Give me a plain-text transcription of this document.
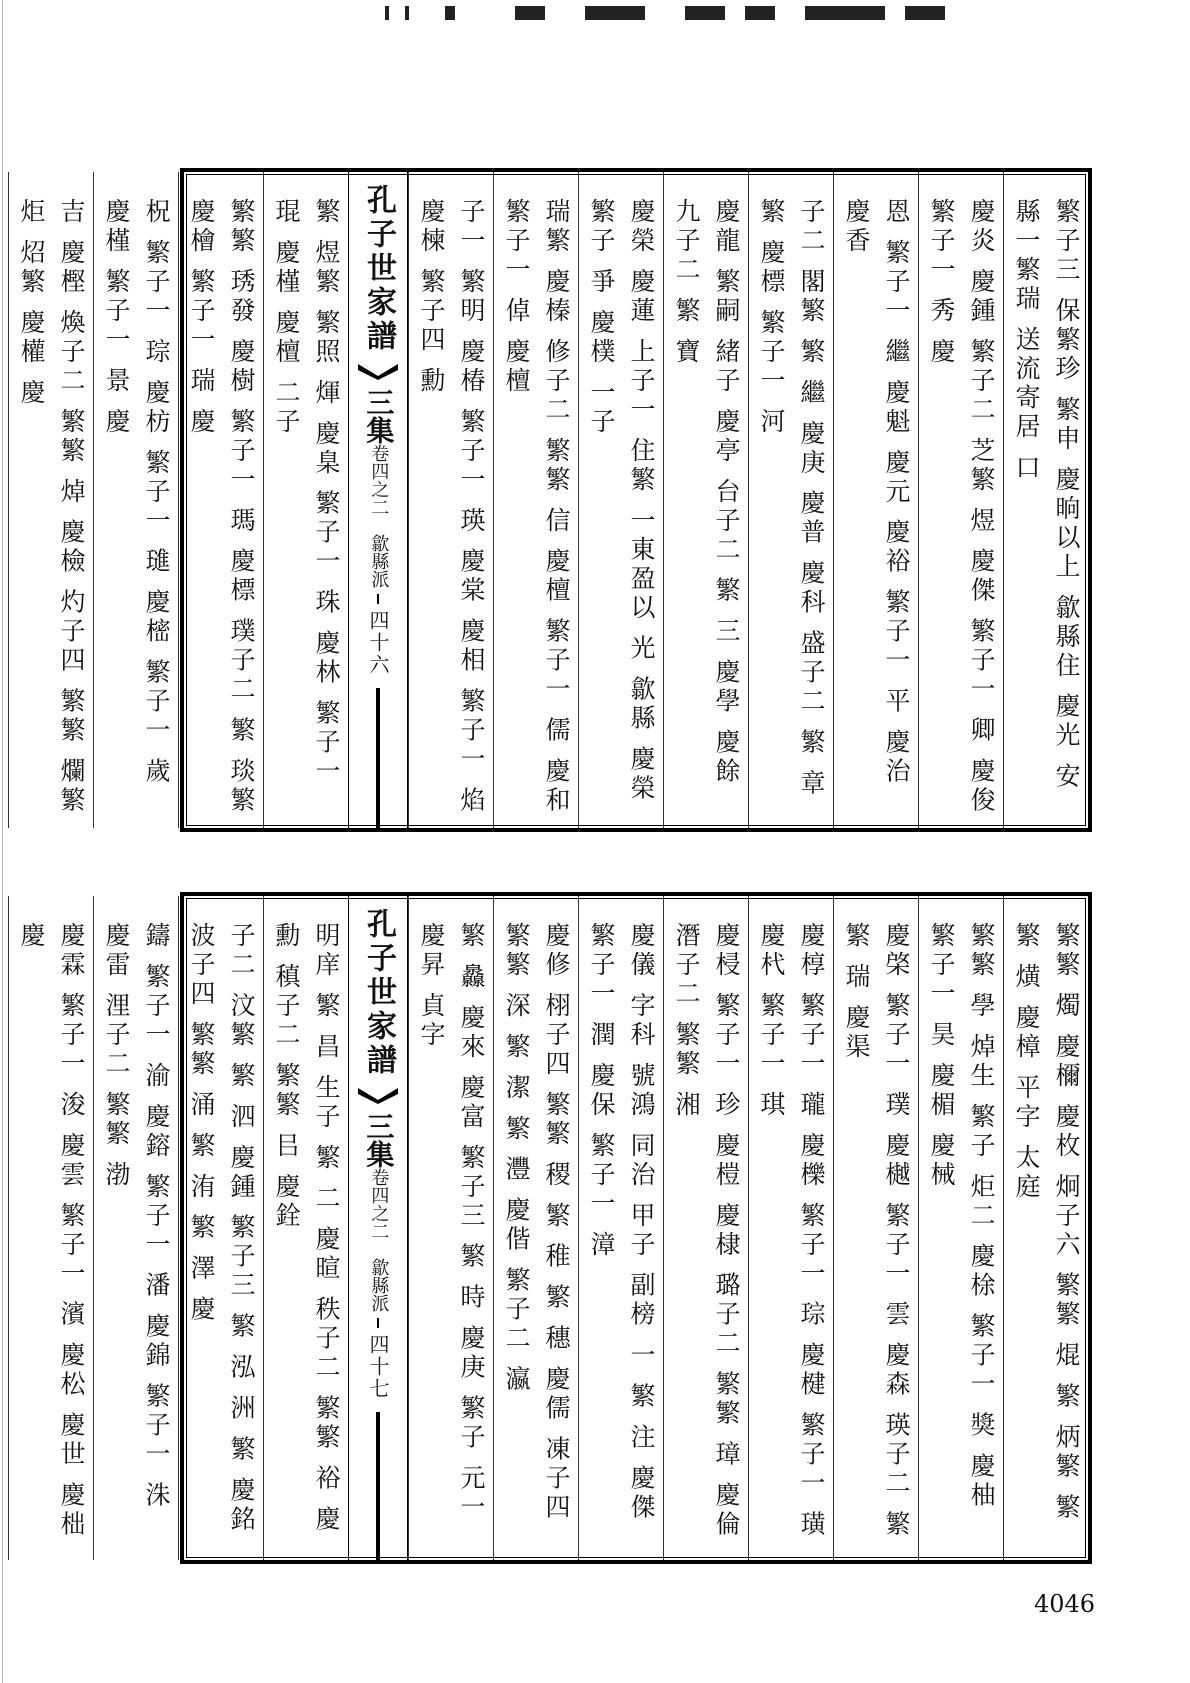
繁子三 保繁珍 繁申 慶晌以上 歙縣住 慶光 安縣一繁瑞 送流寄居 口
慶炎 慶鍾 繁子二 芝繁 煜 慶傑 繁子一 卿 慶俊 繁子一 秀 慶
恩 繁子一 繼 慶魁 慶元 慶裕 繁子一 平 慶治 慶香
子二 閣繁 繁 繼 慶庚 慶普 慶科 盛子二 繁 章 繁 慶標 繁子一 河
慶龍 繁嗣 緒子 慶亭 台子二 繁 三 慶學 慶餘 九子二 繁 寶
慶榮 慶蓮 上子一 住繁 一東盈以 光 歙縣 慶榮 繁子 爭 慶樸 一子
瑞繁 慶榛 修子二 繁繁 信 慶檀 繁子一 儒 慶和 繁子一 倬 慶檀
子一 繁明 慶椿 繁子一 瑛 慶棠 慶相 繁子一 焰 慶楝 繁子四 勳
孔子世家譜
三集卷四之二　歙縣派
四十六
繁 煜繁 繁照 煇 慶臬 繁子一 珠 慶林 繁子一 琨 慶槿 慶檀 二子
繁繁 琇發 慶樹 繁子一 瑪 慶標 璞子二 繁 琰繁 慶檜 繁子一 瑞 慶
柷 繁子一 琮 慶枋 繁子一 璡 慶樒 繁子一 歲 慶槿 繁子一 景 慶
吉 慶樫 煥子二 繁繁 焯 慶檢 灼子四 繁繁 爛繁 炬 炤繁 慶權 慶
繁繁 燭 慶檷 慶枚 炯子六 繁繁 焜 繁 炳繁 繁繁 熿 慶樟 平字 太庭
繁繁 學 焯生 繁子 炬二 慶梌 繁子一 獎 慶柚 繁子一 昊 慶楣 慶械
慶棨 繁子一 璞 慶樾 繁子一 雲 慶森 瑛子二 繁繁 瑞 慶渠
慶椁 繁子一 瓏 慶櫟 繁子一 琮 慶楗 繁子一 璜 慶杙 繁子一 琪
慶梫 繁子一 珍 慶榿 慶棣 璐子二 繁繁 璋 慶倫 潛子二 繁繁 湘
慶儀 字科 號鴻 同治 甲子 副榜 一 繁 注 慶傑 繁子一 潤 慶保 繁子一 漳
慶修 栩子四 繁繁 稷 繁 稚 繁 穗 慶儒 凍子四 繁繁 深 繁 潔 繁 灃 慶偕 繁子二 瀛
繁 灥 慶來 慶富 繁子三 繁 時 慶庚 繁子 元一 慶昇 貞字
孔子世家譜
三集卷四之二　歙縣派
四十七
明庠 繁 昌 生子 繁 二 慶暄 秩子二 繁繁 裕 慶勳 稹子二 繁繁 㠯 慶銓
子二 汶繁 繁 泗 慶鍾 繁子三 繁 泓 洲 繁 慶銘 波子四 繁繁 涌 繁 洧 繁 澤 慶
鑄 繁子一 渝 慶鎔 繁子一 潘 慶錦 繁子一 洙 慶雷 浬子二 繁繁 渤
慶霖 繁子一 浚 慶雲 繁子一 濱 慶松 慶世 慶柮 慶
4046
